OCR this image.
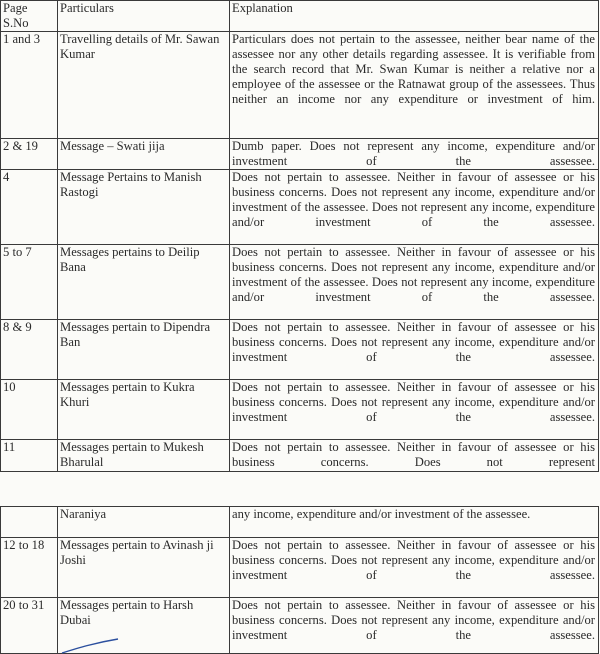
Page S.No	Particulars	Explanation
1 and 3	Travelling details of Mr. Sawan Kumar	Particulars does not pertain to the assessee, neither bear name of the assessee nor any other details regarding assessee. It is verifiable from the search record that Mr. Swan Kumar is neither a relative nor a employee of the assessee or the Ratnawat group of the assessees. Thus neither an income nor any expenditure or investment of him.
2 & 19	Message – Swati jija	Dumb paper. Does not represent any income, expenditure and/or investment of the assessee.
4	Message Pertains to Manish Rastogi	Does not pertain to assessee. Neither in favour of assessee or his business concerns. Does not represent any income, expenditure and/or investment of the assessee. Does not represent any income, expenditure and/or investment of the assessee.
5 to 7	Messages pertains to Deilip Bana	Does not pertain to assessee. Neither in favour of assessee or his business concerns. Does not represent any income, expenditure and/or investment of the assessee. Does not represent any income, expenditure and/or investment of the assessee.
8 & 9	Messages pertain to Dipendra Ban	Does not pertain to assessee. Neither in favour of assessee or his business concerns. Does not represent any income, expenditure and/or investment of the assessee.
10	Messages pertain to Kukra Khuri	Does not pertain to assessee. Neither in favour of assessee or his business concerns. Does not represent any income, expenditure and/or investment of the assessee.
11	Messages pertain to Mukesh Bharulal	Does not pertain to assessee. Neither in favour of assessee or his business concerns. Does not represent
	Naraniya	any income, expenditure and/or investment of the assessee.
12 to 18	Messages pertain to Avinash ji Joshi	Does not pertain to assessee. Neither in favour of assessee or his business concerns. Does not represent any income, expenditure and/or investment of the assessee.
20 to 31	Messages pertain to Harsh Dubai	Does not pertain to assessee. Neither in favour of assessee or his business concerns. Does not represent any income, expenditure and/or investment of the assessee.
